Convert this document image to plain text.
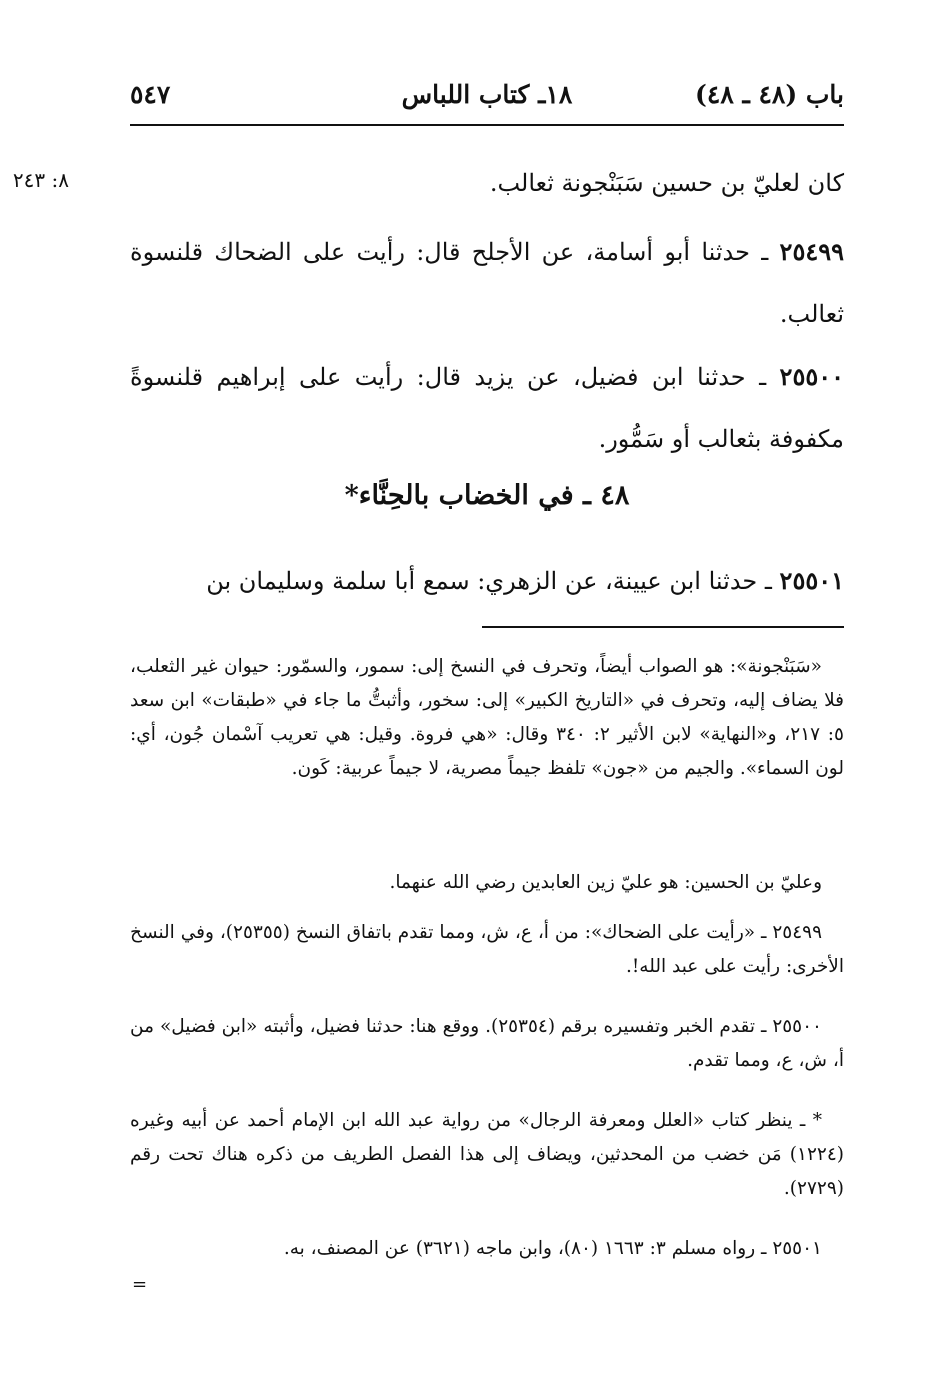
باب (٤٨ ـ ٤٨)
١٨ـ كتاب اللباس
٥٤٧
٨: ٢٤٣	كان لعليّ بن حسين سَبَنْجونة ثعالب.
٢٥٤٩٩ ـ حدثنا أبو أسامة، عن الأجلح قال: رأيت على الضحاك قلنسوة ثعالب.
٢٥٥٠٠ ـ حدثنا ابن فضيل، عن يزيد قال: رأيت على إبراهيم قلنسوةً مكفوفة بثعالب أو سَمُّور.
٤٨ ـ في الخضاب بالحِنَّاء*
٢٥٥٠١ ـ حدثنا ابن عيينة، عن الزهري: سمع أبا سلمة وسليمان بن
«سَبَنْجونة»: هو الصواب أيضاً، وتحرف في النسخ إلى: سمور، والسمّور: حيوان غير الثعلب، فلا يضاف إليه، وتحرف في «التاريخ الكبير» إلى: سخور، وأثبتُّ ما جاء في «طبقات» ابن سعد ٥: ٢١٧، و«النهاية» لابن الأثير ٢: ٣٤٠ وقال: «هي فروة. وقيل: هي تعريب آسْمان جُون، أي: لون السماء». والجيم من «جون» تلفظ جيماً مصرية، لا جيماً عربية: كَون.
وعليّ بن الحسين: هو عليّ زين العابدين رضي الله عنهما.
٢٥٤٩٩ ـ «رأيت على الضحاك»: من أ، ع، ش، ومما تقدم باتفاق النسخ (٢٥٣٥٥)، وفي النسخ الأخرى: رأيت على عبد الله!.
٢٥٥٠٠ ـ تقدم الخبر وتفسيره برقم (٢٥٣٥٤). ووقع هنا: حدثنا فضيل، وأثبته «ابن فضيل» من أ، ش، ع، ومما تقدم.
* ـ ينظر كتاب «العلل ومعرفة الرجال» من رواية عبد الله ابن الإمام أحمد عن أبيه وغيره (١٢٢٤) مَن خضب من المحدثين، ويضاف إلى هذا الفصل الطريف من ذكره هناك تحت رقم (٢٧٢٩).
٢٥٥٠١ ـ رواه مسلم ٣: ١٦٦٣ (٨٠)، وابن ماجه (٣٦٢١) عن المصنف، به.
=
